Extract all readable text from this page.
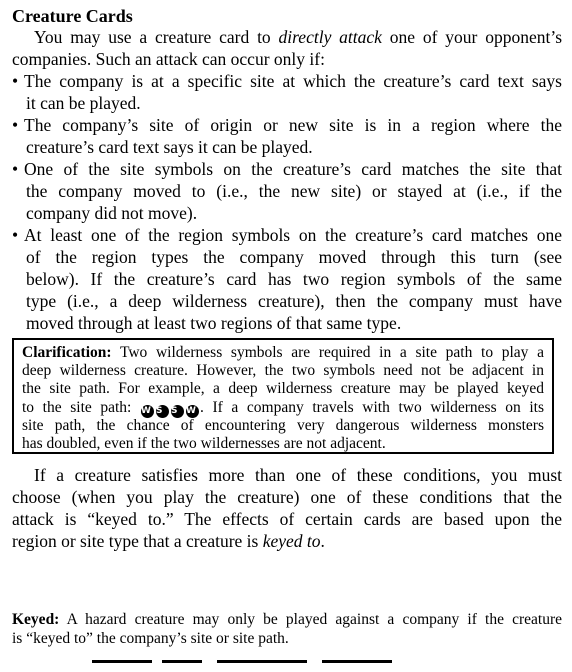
Creature Cards
You may use a creature card to directly attack one of your opponent’s
companies. Such an attack can occur only if:
• The company is at a specific site at which the creature’s card text says
it can be played.
• The company’s site of origin or new site is in a region where the
creature’s card text says it can be played.
• One of the site symbols on the creature’s card matches the site that
the company moved to (i.e., the new site) or stayed at (i.e., if the
company did not move).
• At least one of the region symbols on the creature’s card matches one
of the region types the company moved through this turn (see
below). If the creature’s card has two region symbols of the same
type (i.e., a deep wilderness creature), then the company must have
moved through at least two regions of that same type.
Clarification: Two wilderness symbols are required in a site path to play a
deep wilderness creature. However, the two symbols need not be adjacent in
the site path. For example, a deep wilderness creature may be played keyed
to the site path: W S S W . If a company travels with two wilderness on its
site path, the chance of encountering very dangerous wilderness monsters
has doubled, even if the two wildernesses are not adjacent.
If a creature satisfies more than one of these conditions, you must
choose (when you play the creature) one of these conditions that the
attack is “keyed to.” The effects of certain cards are based upon the
region or site type that a creature is keyed to.
Keyed: A hazard creature may only be played against a company if the creature
is “keyed to” the company’s site or site path.
